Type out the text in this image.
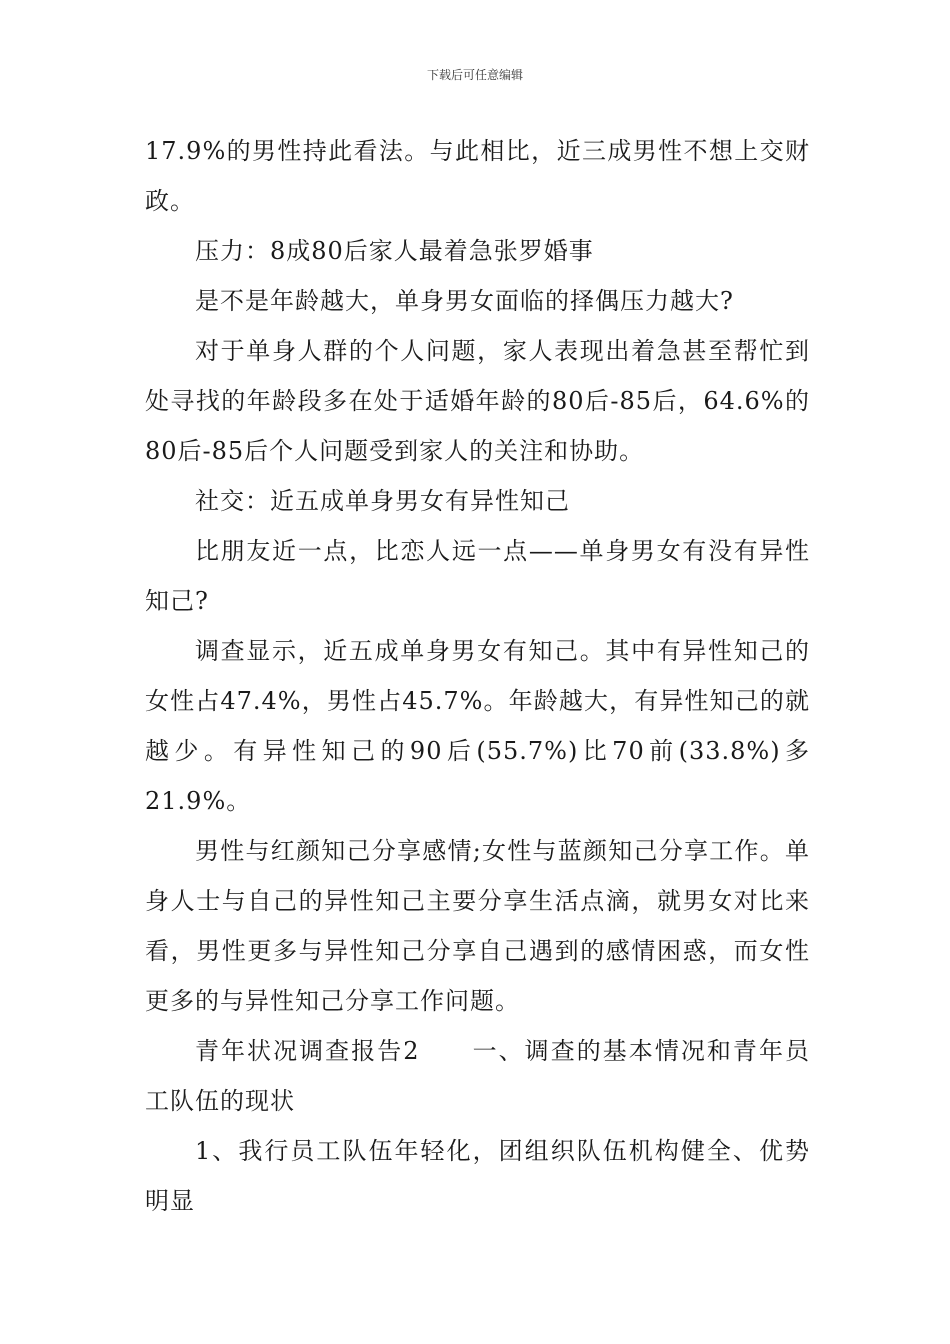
下载后可任意编辑

17.9%的男性持此看法。与此相比，近三成男性不想上交财政。

压力：8成80后家人最着急张罗婚事

是不是年龄越大，单身男女面临的择偶压力越大?

对于单身人群的个人问题，家人表现出着急甚至帮忙到处寻找的年龄段多在处于适婚年龄的80后-85后，64.6%的80后-85后个人问题受到家人的关注和协助。

社交：近五成单身男女有异性知己

比朋友近一点，比恋人远一点——单身男女有没有异性知己?

调查显示，近五成单身男女有知己。其中有异性知己的女性占47.4%，男性占45.7%。年龄越大，有异性知己的就越少。有异性知己的90后(55.7%)比70前(33.8%)多21.9%。

男性与红颜知己分享感情;女性与蓝颜知己分享工作。单身人士与自己的异性知己主要分享生活点滴，就男女对比来看，男性更多与异性知己分享自己遇到的感情困惑，而女性更多的与异性知己分享工作问题。

青年状况调查报告2　　一、调查的基本情况和青年员工队伍的现状

1、我行员工队伍年轻化，团组织队伍机构健全、优势明显
